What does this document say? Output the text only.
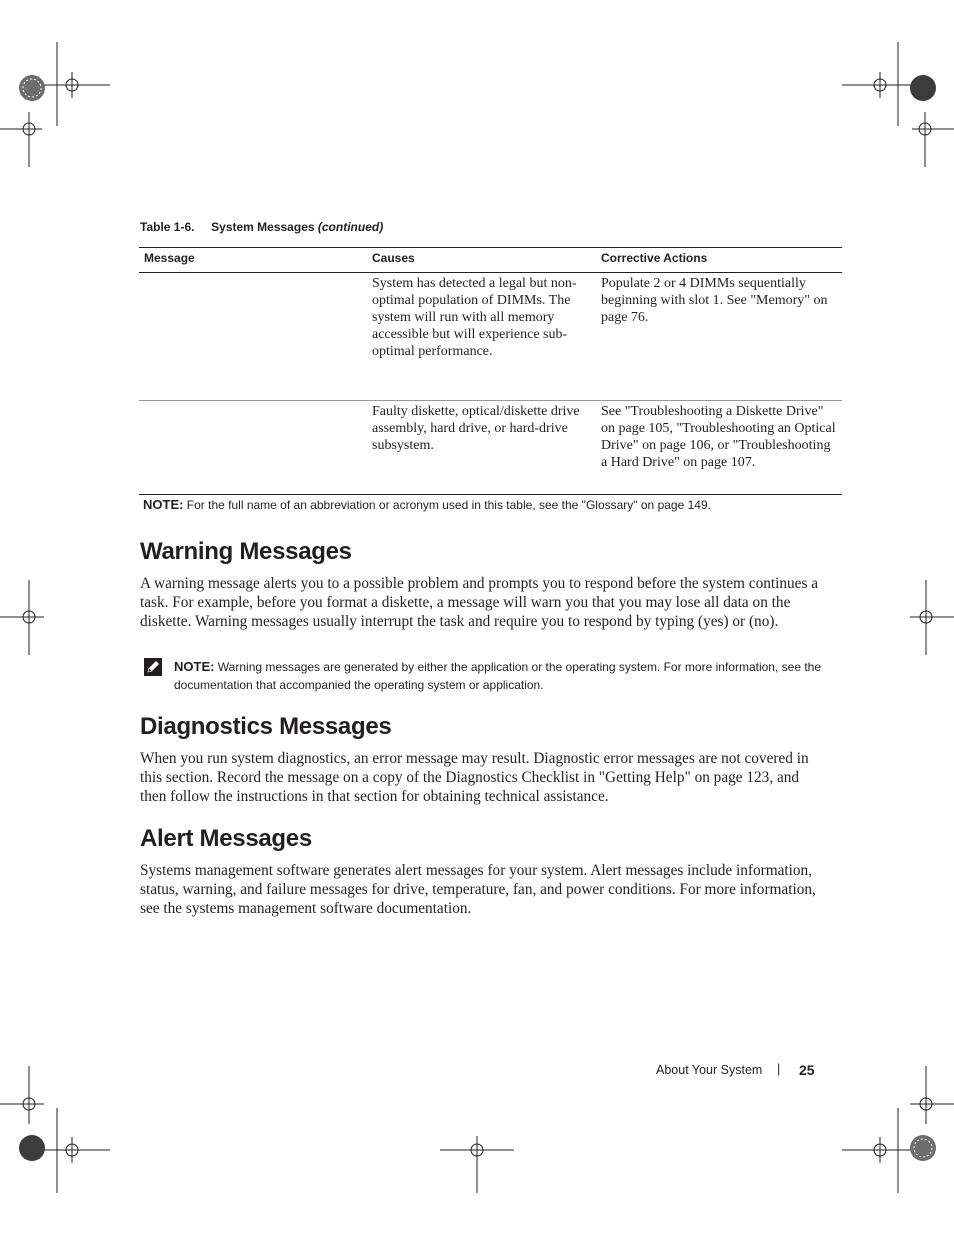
Table 1-6. System Messages (continued)
Message	Causes	Corrective Actions
System has detected a legal but non-optimal population of DIMMs. The system will run with all memory accessible but will experience sub-optimal performance.
Populate 2 or 4 DIMMs sequentially beginning with slot 1. See "Memory" on page 76.
Faulty diskette, optical/diskette drive assembly, hard drive, or hard-drive subsystem.
See "Troubleshooting a Diskette Drive" on page 105, "Troubleshooting an Optical Drive" on page 106, or "Troubleshooting a Hard Drive" on page 107.
NOTE: For the full name of an abbreviation or acronym used in this table, see the "Glossary" on page 149.
Warning Messages
A warning message alerts you to a possible problem and prompts you to respond before the system continues a task. For example, before you format a diskette, a message will warn you that you may lose all data on the diskette. Warning messages usually interrupt the task and require you to respond by typing (yes) or (no).
NOTE: Warning messages are generated by either the application or the operating system. For more information, see the documentation that accompanied the operating system or application.
Diagnostics Messages
When you run system diagnostics, an error message may result. Diagnostic error messages are not covered in this section. Record the message on a copy of the Diagnostics Checklist in "Getting Help" on page 123, and then follow the instructions in that section for obtaining technical assistance.
Alert Messages
Systems management software generates alert messages for your system. Alert messages include information, status, warning, and failure messages for drive, temperature, fan, and power conditions. For more information, see the systems management software documentation.
About Your System | 25
